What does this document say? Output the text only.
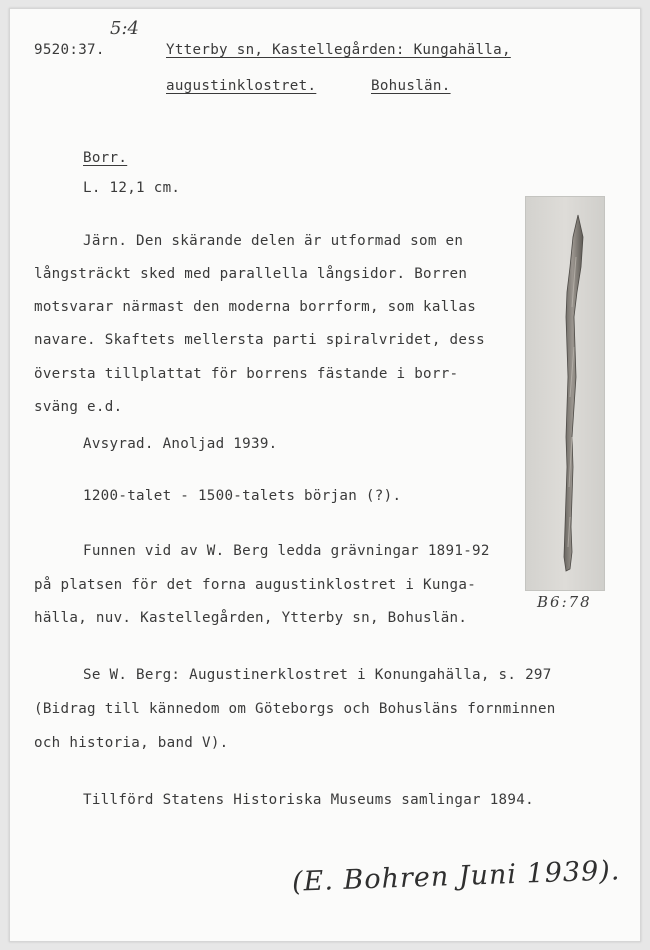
5:4
9520:37.	Ytterby sn, Kastellegården: Kungahälla,
augustinklostret.	Bohuslän.
Borr.
L. 12,1 cm.
Järn. Den skärande delen är utformad som en
långsträckt sked med parallella långsidor. Borren
motsvarar närmast den moderna borrform, som kallas
navare. Skaftets mellersta parti spiralvridet, dess
översta tillplattat för borrens fästande i borr-
sväng e.d.
Avsyrad. Anoljad 1939.
1200-talet - 1500-talets början (?).
Funnen vid av W. Berg ledda grävningar 1891-92
på platsen för det forna augustinklostret i Kunga-
hälla, nuv. Kastellegården, Ytterby sn, Bohuslän.
Se W. Berg: Augustinerklostret i Konungahälla, s. 297
(Bidrag till kännedom om Göteborgs och Bohusläns fornminnen
och historia, band V).
Tillförd Statens Historiska Museums samlingar 1894.
B6:78
(E. Bohren Juni 1939).
